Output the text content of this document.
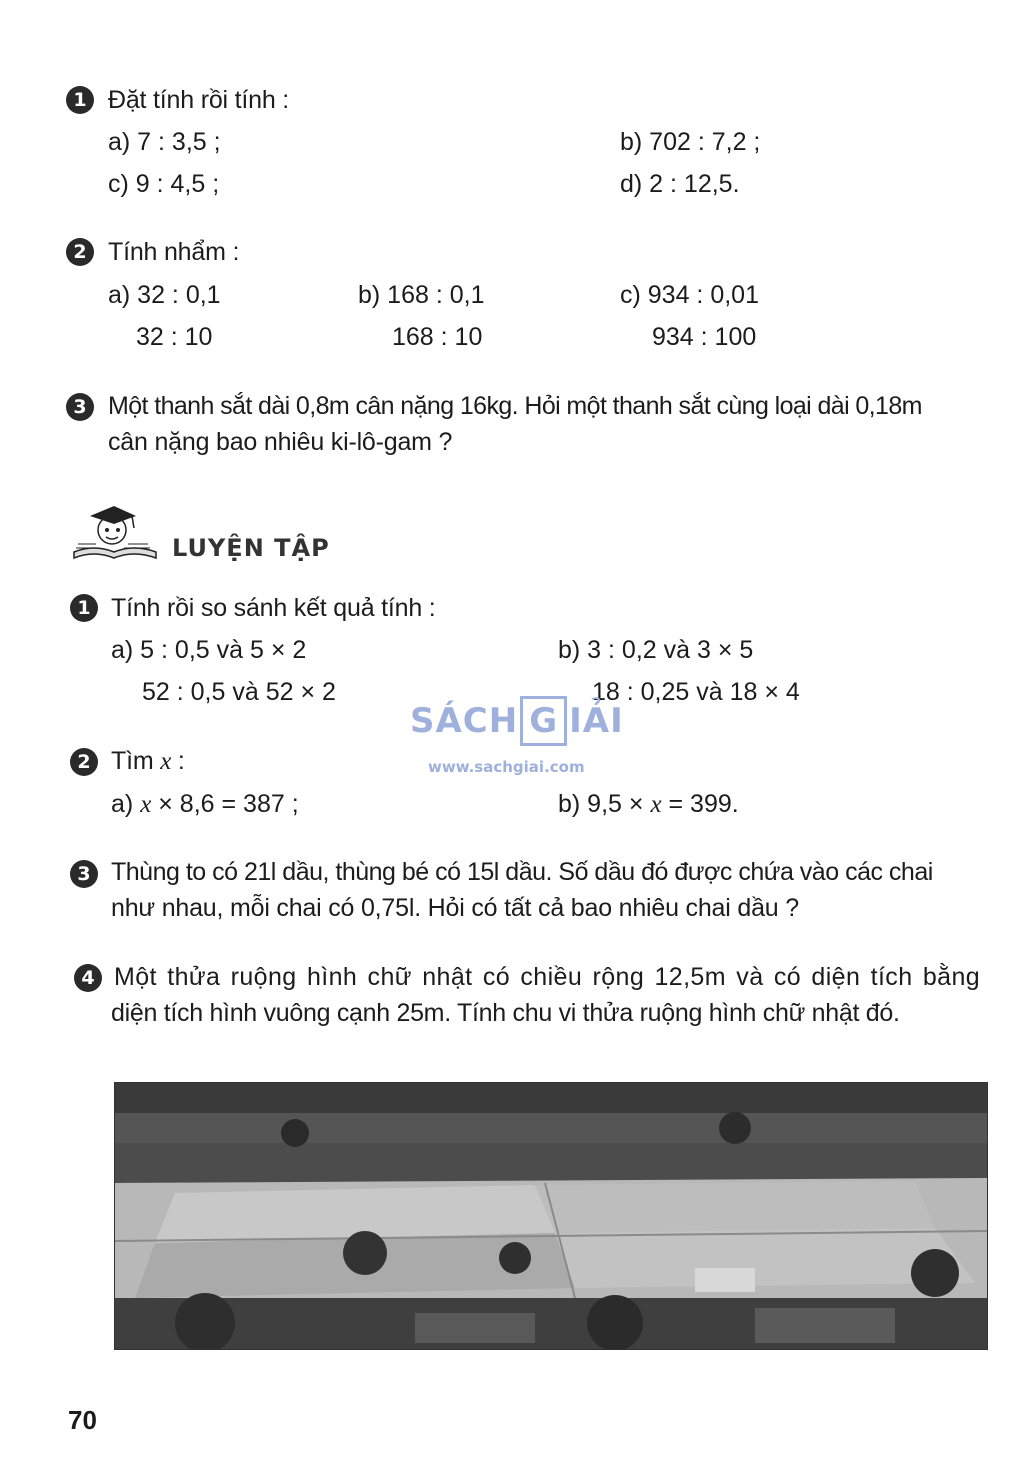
1 Đặt tính rồi tính :
a) 7 : 3,5 ;	b) 702 : 7,2 ;
c) 9 : 4,5 ;	d) 2 : 12,5.
2 Tính nhẩm :
a) 32 : 0,1
32 : 10
b) 168 : 0,1
168 : 10
c) 934 : 0,01
934 : 100
3 Một thanh sắt dài 0,8m cân nặng 16kg. Hỏi một thanh sắt cùng loại dài 0,18m
cân nặng bao nhiêu ki-lô-gam ?
LUYỆN TẬP
1 Tính rồi so sánh kết quả tính :
a) 5 : 0,5 và 5 × 2
52 : 0,5 và 52 × 2
b) 3 : 0,2 và 3 × 5
18 : 0,25 và 18 × 4
SÁCH G IẢI
www.sachgiai.com
2 Tìm x :
a) x × 8,6 = 387 ;	b) 9,5 × x = 399.
3 Thùng to có 21l dầu, thùng bé có 15l dầu. Số dầu đó được chứa vào các chai
như nhau, mỗi chai có 0,75l. Hỏi có tất cả bao nhiêu chai dầu ?
4 Một thửa ruộng hình chữ nhật có chiều rộng 12,5m và có diện tích bằng
diện tích hình vuông cạnh 25m. Tính chu vi thửa ruộng hình chữ nhật đó.
70
